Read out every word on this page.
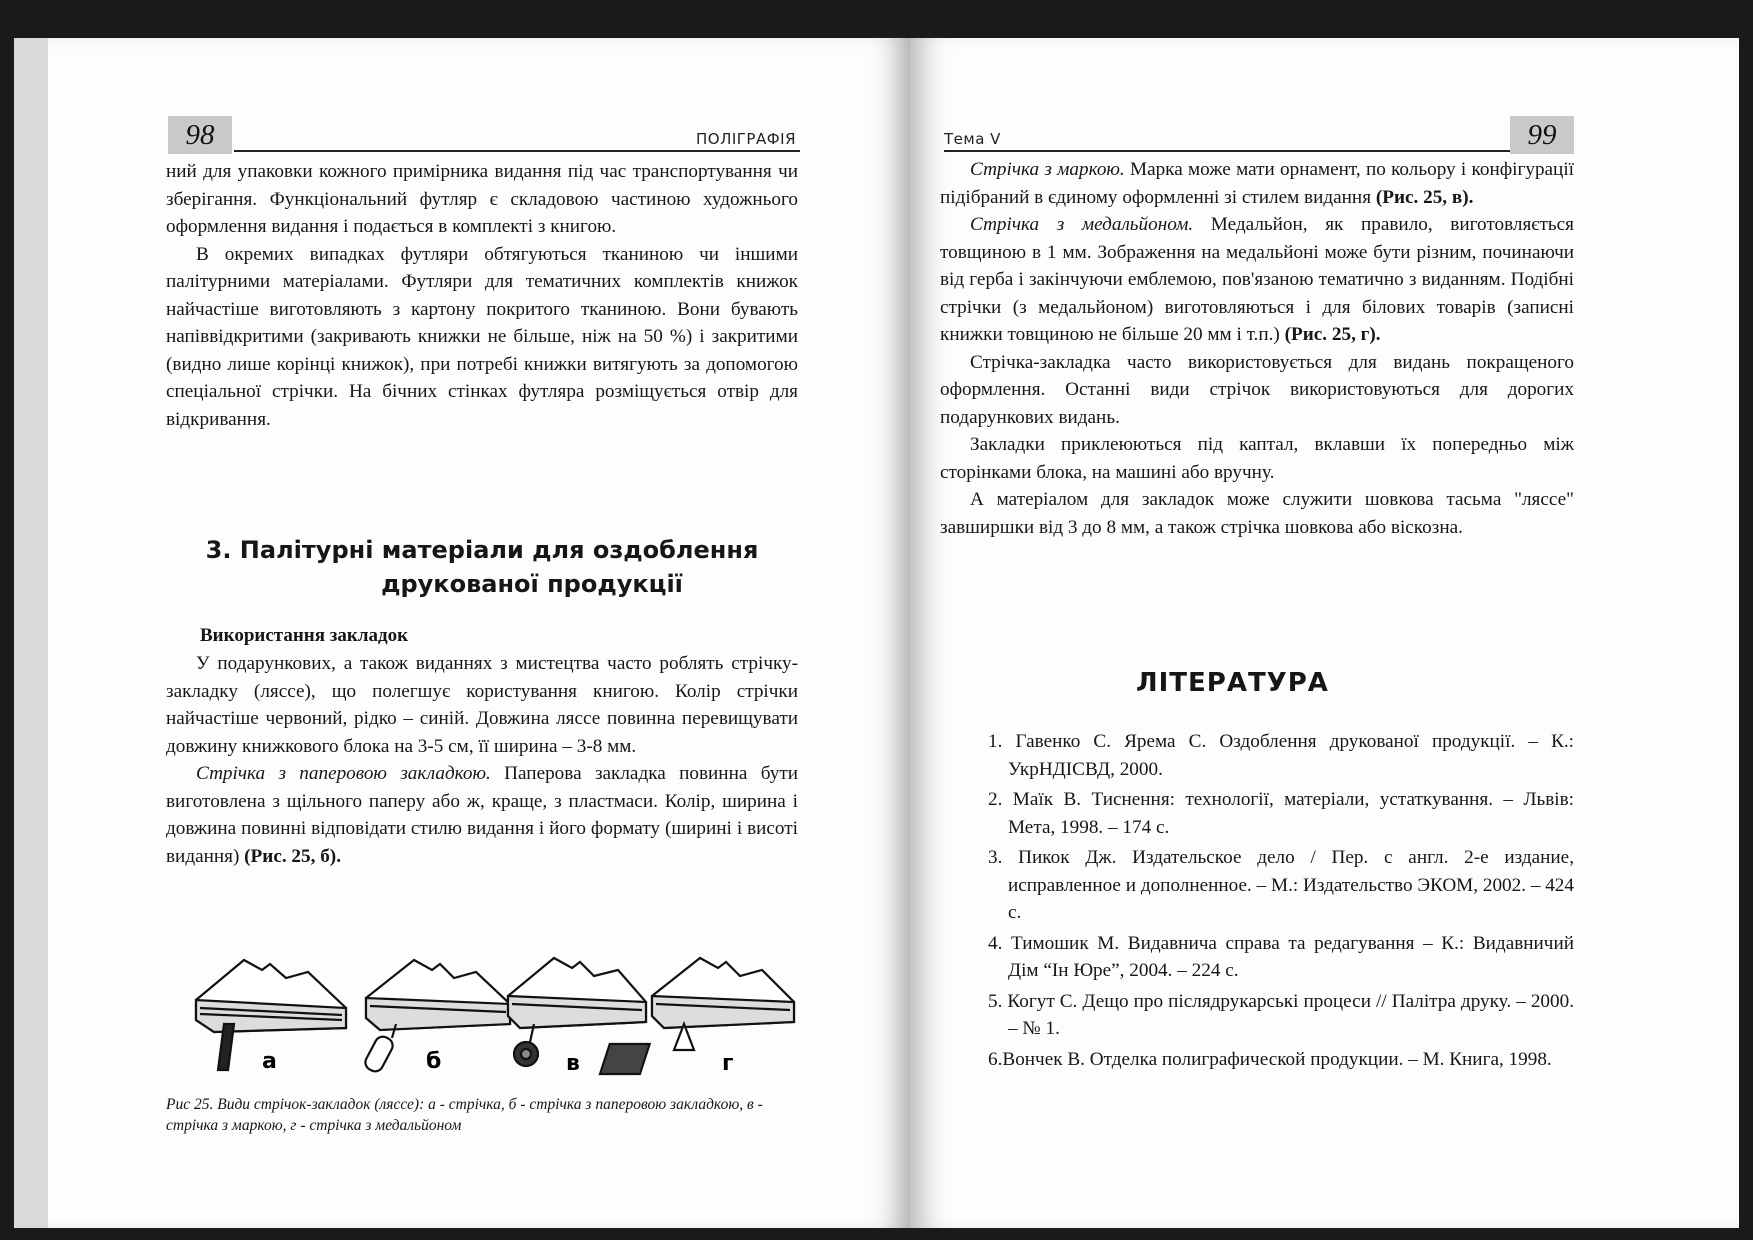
98	ПОЛІГРАФІЯ

ний для упаковки кожного примірника видання під час транспортування чи зберігання. Функціональний футляр є складовою частиною художнього оформлення видання і подається в комплекті з книгою.

В окремих випадках футляри обтягуються тканиною чи іншими палітурними матеріалами. Футляри для тематичних комплектів книжок найчастіше виготовляють з картону покритого тканиною. Вони бувають напіввідкритими (закривають книжки не більше, ніж на 50 %) і закритими (видно лише корінці книжок), при потребі книжки витягують за допомогою спеціальної стрічки. На бічних стінках футляра розміщується отвір для відкривання.

3. Палітурні матеріали для оздоблення
друкованої продукції
Використання закладок

У подарункових, а також виданнях з мистецтва часто роблять стрічку-закладку (ляссе), що полегшує користування книгою. Колір стрічки найчастіше червоний, рідко – синій. Довжина ляссе повинна перевищувати довжину книжкового блока на 3-5 см, її ширина – 3-8 мм.

Стрічка з паперовою закладкою. Паперова закладка повинна бути виготовлена з щільного паперу або ж, краще, з пластмаси. Колір, ширина і довжина повинні відповідати стилю видання і його формату (ширині і висоті видання) (Рис. 25, б).

а	б	в	г
Рис 25. Види стрічок-закладок (ляссе): а - стрічка, б - стрічка з паперовою закладкою, в - стрічка з маркою, г - стрічка з медальйоном
Тема V	99

Стрічка з маркою. Марка може мати орнамент, по кольору і конфігурації підібраний в єдиному оформленні зі стилем видання (Рис. 25, в).

Стрічка з медальйоном. Медальйон, як правило, виготовляється товщиною в 1 мм. Зображення на медальйоні може бути різним, починаючи від герба і закінчуючи емблемою, пов'язаною тематично з виданням. Подібні стрічки (з медальйоном) виготовляються і для білових товарів (записні книжки товщиною не більше 20 мм і т.п.) (Рис. 25, г).

Стрічка-закладка часто використовується для видань покращеного оформлення. Останні види стрічок використовуються для дорогих подарункових видань.

Закладки приклеюються під каптал, вклавши їх попередньо між сторінками блока, на машині або вручну.

А матеріалом для закладок може служити шовкова тасьма "ляссе" завширшки від 3 до 8 мм, а також стрічка шовкова або віскозна.

ЛІТЕРАТУРА
1. Гавенко С. Ярема С. Оздоблення друкованої продукції. – К.: УкрНДІСВД, 2000.
2. Маїк В. Тиснення: технології, матеріали, устаткування. – Львів: Мета, 1998. – 174 с.
3. Пикок Дж. Издательское дело / Пер. с англ. 2-е издание, исправленное и дополненное. – М.: Издательство ЭКОМ, 2002. – 424 с.
4. Тимошик М. Видавнича справа та редагування – К.: Видавничий Дім “Ін Юре”, 2004. – 224 с.
5. Когут С. Дещо про післядрукарські процеси // Палітра друку. – 2000. – № 1.
6.Вончек В. Отделка полиграфической продукции. – М. Книга, 1998.
